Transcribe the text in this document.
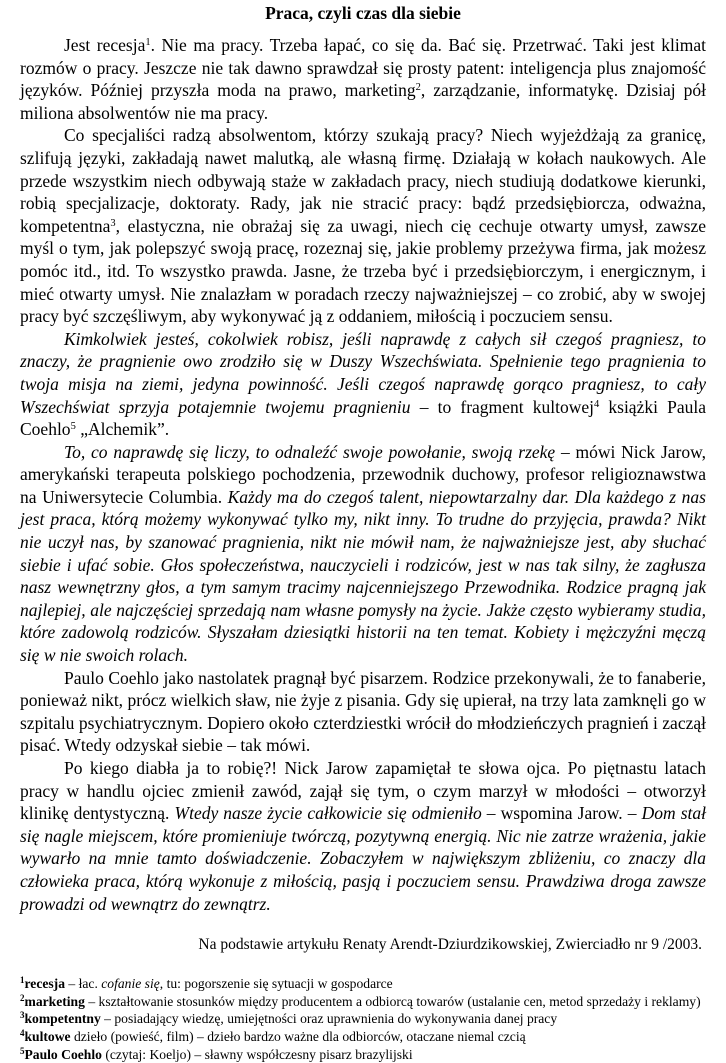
Praca, czyli czas dla siebie

Jest recesja$^1$. Nie ma pracy. Trzeba łapać, co się da. Bać się. Przetrwać. Taki jest klimat rozmów o pracy. Jeszcze nie tak dawno sprawdzał się prosty patent: inteligencja plus znajomość języków. Później przyszła moda na prawo, marketing$^2$, zarządzanie, informatykę. Dzisiaj pół miliona absolwentów nie ma pracy.

Co specjaliści radzą absolwentom, którzy szukają pracy? Niech wyjeżdżają za granicę, szlifują języki, zakładają nawet malutką, ale własną firmę. Działają w kołach naukowych. Ale przede wszystkim niech odbywają staże w zakładach pracy, niech studiują dodatkowe kierunki, robią specjalizacje, doktoraty. Rady, jak nie stracić pracy: bądź przedsiębiorcza, odważna, kompetentna$^3$, elastyczna, nie obrażaj się za uwagi, niech cię cechuje otwarty umysł, zawsze myśl o tym, jak polepszyć swoją pracę, rozeznaj się, jakie problemy przeżywa firma, jak możesz pomóc itd., itd. To wszystko prawda. Jasne, że trzeba być i przedsiębiorczym, i energicznym, i mieć otwarty umysł. Nie znalazłam w poradach rzeczy najważniejszej – co zrobić, aby w swojej pracy być szczęśliwym, aby wykonywać ją z oddaniem, miłością i poczuciem sensu.

Kimkolwiek jesteś, cokolwiek robisz, jeśli naprawdę z całych sił czegoś pragniesz, to znaczy, że pragnienie owo zrodziło się w Duszy Wszechświata. Spełnienie tego pragnienia to twoja misja na ziemi, jedyna powinność. Jeśli czegoś naprawdę gorąco pragniesz, to cały Wszechświat sprzyja potajemnie twojemu pragnieniu – to fragment kultowej$^4$ książki Paula Coehlo$^5$ „Alchemik”.

To, co naprawdę się liczy, to odnaleźć swoje powołanie, swoją rzekę – mówi Nick Jarow, amerykański terapeuta polskiego pochodzenia, przewodnik duchowy, profesor religioznawstwa na Uniwersytecie Columbia. Każdy ma do czegoś talent, niepowtarzalny dar. Dla każdego z nas jest praca, którą możemy wykonywać tylko my, nikt inny. To trudne do przyjęcia, prawda? Nikt nie uczył nas, by szanować pragnienia, nikt nie mówił nam, że najważniejsze jest, aby słuchać siebie i ufać sobie. Głos społeczeństwa, nauczycieli i rodziców, jest w nas tak silny, że zagłusza nasz wewnętrzny głos, a tym samym tracimy najcenniejszego Przewodnika. Rodzice pragną jak najlepiej, ale najczęściej sprzedają nam własne pomysły na życie. Jakże często wybieramy studia, które zadowolą rodziców. Słyszałam dziesiątki historii na ten temat. Kobiety i mężczyźni męczą się w nie swoich rolach.

Paulo Coehlo jako nastolatek pragnął być pisarzem. Rodzice przekonywali, że to fanaberie, ponieważ nikt, prócz wielkich sław, nie żyje z pisania. Gdy się upierał, na trzy lata zamknęli go w szpitalu psychiatrycznym. Dopiero około czterdziestki wrócił do młodzieńczych pragnień i zaczął pisać. Wtedy odzyskał siebie – tak mówi.

Po kiego diabła ja to robię?! Nick Jarow zapamiętał te słowa ojca. Po piętnastu latach pracy w handlu ojciec zmienił zawód, zajął się tym, o czym marzył w młodości – otworzył klinikę dentystyczną. Wtedy nasze życie całkowicie się odmieniło – wspomina Jarow. – Dom stał się nagle miejscem, które promieniuje twórczą, pozytywną energią. Nic nie zatrze wrażenia, jakie wywarło na mnie tamto doświadczenie. Zobaczyłem w największym zbliżeniu, co znaczy dla człowieka praca, którą wykonuje z miłością, pasją i poczuciem sensu. Prawdziwa droga zawsze prowadzi od wewnątrz do zewnątrz.

Na podstawie artykułu Renaty Arendt-Dziurdzikowskiej, Zwierciadło nr 9 /2003.

$^1$recesja – łac. cofanie się, tu: pogorszenie się sytuacji w gospodarce

$^2$marketing – kształtowanie stosunków między producentem a odbiorcą towarów (ustalanie cen, metod sprzedaży i reklamy)

$^3$kompetentny – posiadający wiedzę, umiejętności oraz uprawnienia do wykonywania danej pracy

$^4$kultowe dzieło (powieść, film) – dzieło bardzo ważne dla odbiorców, otaczane niemal czcią

$^5$Paulo Coehlo (czytaj: Koeljo) – sławny współczesny pisarz brazylijski
